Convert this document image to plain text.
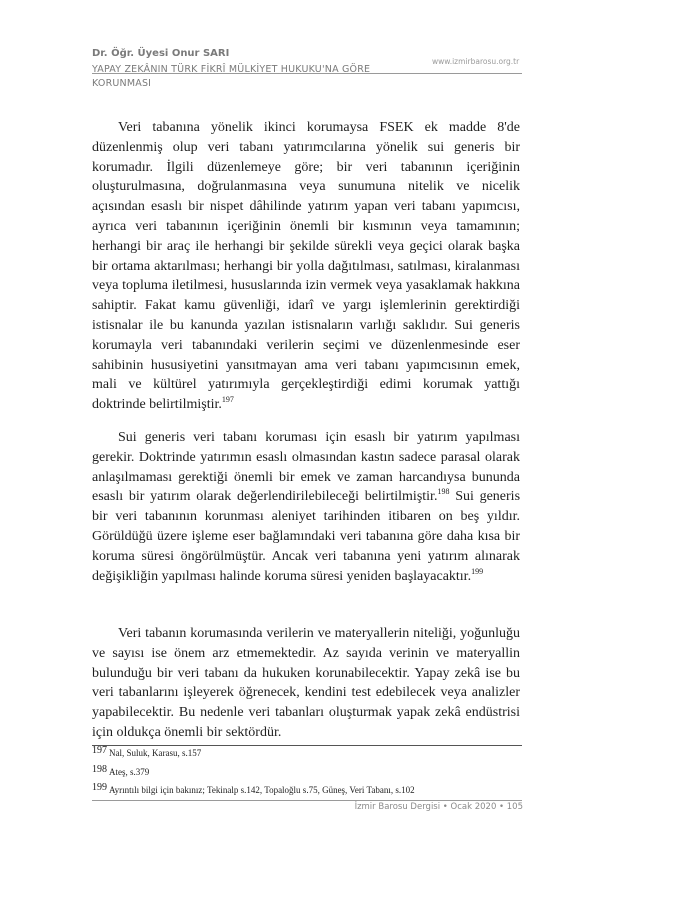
Dr. Öğr. Üyesi Onur SARI
YAPAY ZEKÂNIN TÜRK FİKRÎ MÜLKİYET HUKUKU'NA GÖRE KORUNMASI
www.izmirbarosu.org.tr

Veri tabanına yönelik ikinci korumaysa FSEK ek madde 8'de düzenlenmiş olup veri tabanı yatırımcılarına yönelik sui generis bir korumadır. İlgili düzenlemeye göre; bir veri tabanının içeriğinin oluşturulmasına, doğrulanmasına veya sunumuna nitelik ve nicelik açısından esaslı bir nispet dâhilinde yatırım yapan veri tabanı yapımcısı, ayrıca veri tabanının içeriğinin önemli bir kısmının veya tamamının; herhangi bir araç ile herhangi bir şekilde sürekli veya geçici olarak başka bir ortama aktarılması; herhangi bir yolla dağıtılması, satılması, kiralanması veya topluma iletilmesi, hususlarında izin vermek veya yasaklamak hakkına sahiptir. Fakat kamu güvenliği, idarî ve yargı işlemlerinin gerektirdiği istisnalar ile bu kanunda yazılan istisnaların varlığı saklıdır. Sui generis korumayla veri tabanındaki verilerin seçimi ve düzenlenmesinde eser sahibinin hususiyetini yansıtmayan ama veri tabanı yapımcısının emek, mali ve kültürel yatırımıyla gerçekleştirdiği edimi korumak yattığı doktrinde belirtilmiştir.$^{197}$

Sui generis veri tabanı koruması için esaslı bir yatırım yapılması gerekir. Doktrinde yatırımın esaslı olmasından kastın sadece parasal olarak anlaşılmaması gerektiği önemli bir emek ve zaman harcandıysa bununda esaslı bir yatırım olarak değerlendirilebileceği belirtilmiştir.$^{198}$ Sui generis bir veri tabanının korunması aleniyet tarihinden itibaren on beş yıldır. Görüldüğü üzere işleme eser bağlamındaki veri tabanına göre daha kısa bir koruma süresi öngörülmüştür. Ancak veri tabanına yeni yatırım alınarak değişikliğin yapılması halinde koruma süresi yeniden başlayacaktır.$^{199}$

Veri tabanın korumasında verilerin ve materyallerin niteliği, yoğunluğu ve sayısı ise önem arz etmemektedir. Az sayıda verinin ve materyallin bulunduğu bir veri tabanı da hukuken korunabilecektir. Yapay zekâ ise bu veri tabanlarını işleyerek öğrenecek, kendini test edebilecek veya analizler yapabilecektir. Bu nedenle veri tabanları oluşturmak yapak zekâ endüstrisi için oldukça önemli bir sektördür.

$^{197}$ Nal, Suluk, Karasu, s.157
$^{198}$ Ateş, s.379
$^{199}$ Ayrıntılı bilgi için bakınız; Tekinalp s.142, Topaloğlu s.75, Güneş, Veri Tabanı, s.102
İzmir Barosu Dergisi • Ocak 2020 • 105
